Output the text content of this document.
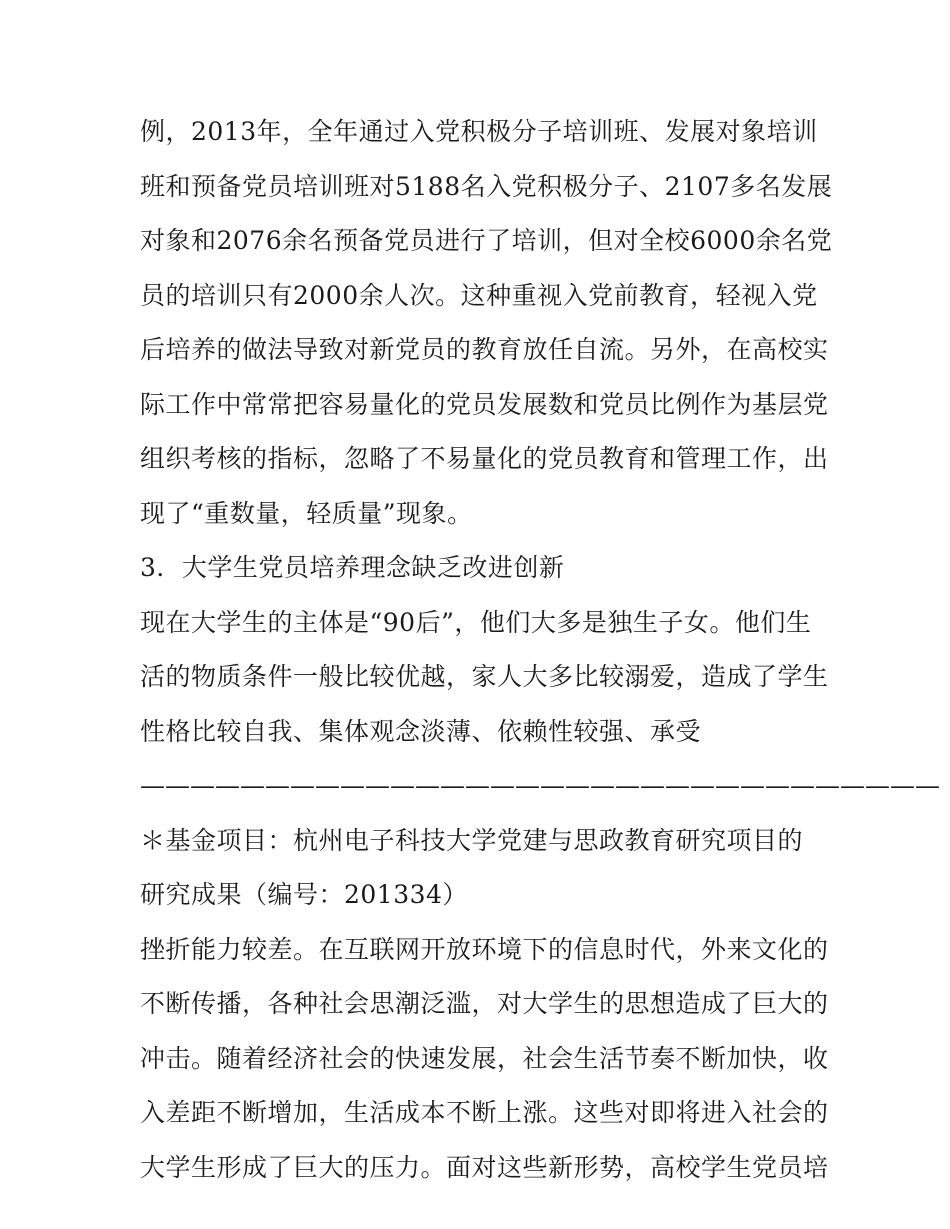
例，2013年，全年通过入党积极分子培训班、发展对象培训
班和预备党员培训班对5188名入党积极分子、2107多名发展
对象和2076余名预备党员进行了培训，但对全校6000余名党
员的培训只有2000余人次。这种重视入党前教育，轻视入党
后培养的做法导致对新党员的教育放任自流。另外，在高校实
际工作中常常把容易量化的党员发展数和党员比例作为基层党
组织考核的指标，忽略了不易量化的党员教育和管理工作，出
现了“重数量，轻质量”现象。
3．大学生党员培养理念缺乏改进创新
现在大学生的主体是“90后”，他们大多是独生子女。他们生
活的物质条件一般比较优越，家人大多比较溺爱，造成了学生
性格比较自我、集体观念淡薄、依赖性较强、承受
————————————————————————————————
＊基金项目：杭州电子科技大学党建与思政教育研究项目的
研究成果（编号：201334）
挫折能力较差。在互联网开放环境下的信息时代，外来文化的
不断传播，各种社会思潮泛滥，对大学生的思想造成了巨大的
冲击。随着经济社会的快速发展，社会生活节奏不断加快，收
入差距不断增加，生活成本不断上涨。这些对即将进入社会的
大学生形成了巨大的压力。面对这些新形势，高校学生党员培
